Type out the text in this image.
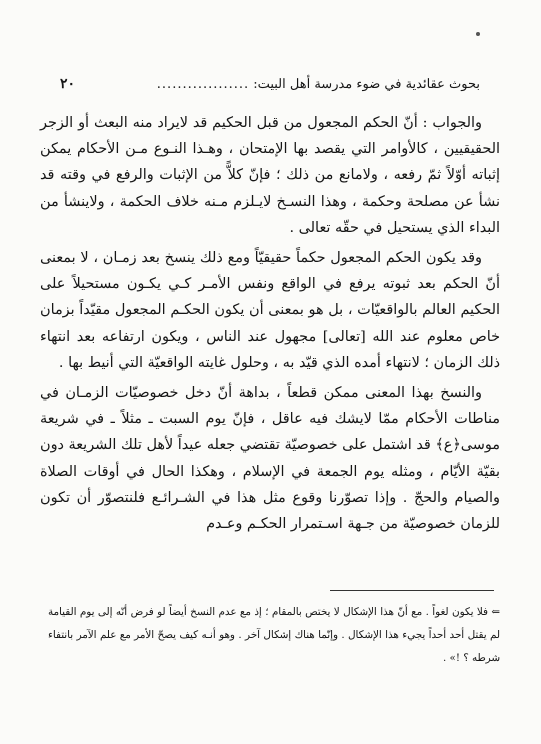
بحوث عقائدية في ضوء مدرسة أهل البيت:
..................
٢٠

والجواب : أنّ الحكم المجعول من قبل الحكيم قد لايراد منه البعث أو الزجر الحقيقيين ، كالأوامر التي يقصد بها الإمتحان ، وهـذا النـوع مـن الأحكام يمكن إثباته أوّلاً ثمّ رفعه ، ولامانع من ذلك ؛ فإنّ كلاًّ من الإثبات والرفع في وقته قد نشأ عن مصلحة وحكمة ، وهذا النسـخ لايـلزم مـنه خلاف الحكمة ، ولاينشأ من البداء الذي يستحيل في حقّه تعالى .

وقد يكون الحكم المجعول حكماً حقيقيّاً ومع ذلك ينسخ بعد زمـان ، لا بمعنى أنّ الحكم بعد ثبوته يرفع في الواقع ونفس الأمـر كـي يكـون مستحيلاً على الحكيم العالم بالواقعيّات ، بل هو بمعنى أن يكون الحكـم المجعول مقيّداً بزمان خاص معلوم عند الله [تعالى] مجهول عند الناس ، ويكون ارتفاعه بعد انتهاء ذلك الزمان ؛ لانتهاء أمده الذي قيّد به ، وحلول غايته الواقعيّة التي أنيط بها .

والنسخ بهذا المعنى ممكن قطعاً ، بداهة أنّ دخل خصوصيّات الزمـان في مناطات الأحكام ممّا لايشك فيه عاقل ، فإنّ يوم السبت ـ مثلاً ـ في شريعة موسى﴿ع﴾ قد اشتمل على خصوصيّة تقتضي جعله عيداً لأهل تلك الشريعة دون بقيّة الأيّام ، ومثله يوم الجمعة في الإسلام ، وهكذا الحال في أوقات الصلاة والصيام والحجّ . وإذا تصوّرنا وقوع مثل هذا في الشـرائـع فلنتصوّر أن تكون للزمان خصوصيّة من جـهة اسـتمرار الحكـم وعـدم

⇐ فلا يكون لغواً . مع أنّ هذا الإشكال لا يختص بالمقام ؛ إذ مع عدم النسخ أيضاً لو فرض أنّه إلى يوم القيامة لم يقتل أحد أحداً يجيء هذا الإشكال . وإنّما هناك إشكال آخر . وهو أنـه كيف يصحّ الأمر مع علم الآمر بانتفاء شرطه ؟ !» .
